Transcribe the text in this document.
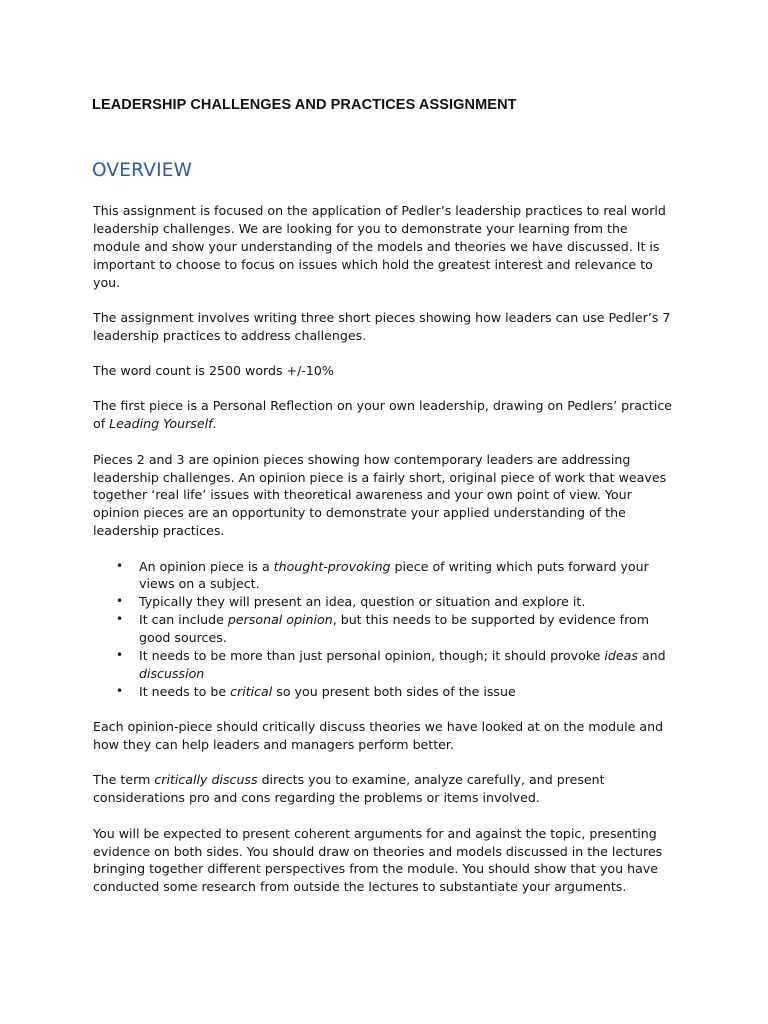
LEADERSHIP CHALLENGES AND PRACTICES ASSIGNMENT
OVERVIEW

This assignment is focused on the application of Pedler’s leadership practices to real world leadership challenges. We are looking for you to demonstrate your learning from the module and show your understanding of the models and theories we have discussed. It is important to choose to focus on issues which hold the greatest interest and relevance to you.

The assignment involves writing three short pieces showing how leaders can use Pedler’s 7 leadership practices to address challenges.

The word count is 2500 words +/-10%

The first piece is a Personal Reflection on your own leadership, drawing on Pedlers’ practice of Leading Yourself.

Pieces 2 and 3 are opinion pieces showing how contemporary leaders are addressing leadership challenges. An opinion piece is a fairly short, original piece of work that weaves together ‘real life’ issues with theoretical awareness and your own point of view. Your opinion pieces are an opportunity to demonstrate your applied understanding of the leadership practices.

• An opinion piece is a thought-provoking piece of writing which puts forward your views on a subject.
• Typically they will present an idea, question or situation and explore it.
• It can include personal opinion, but this needs to be supported by evidence from good sources.
• It needs to be more than just personal opinion, though; it should provoke ideas and discussion
• It needs to be critical so you present both sides of the issue

Each opinion-piece should critically discuss theories we have looked at on the module and how they can help leaders and managers perform better.

The term critically discuss directs you to examine, analyze carefully, and present considerations pro and cons regarding the problems or items involved.

You will be expected to present coherent arguments for and against the topic, presenting evidence on both sides. You should draw on theories and models discussed in the lectures bringing together different perspectives from the module. You should show that you have conducted some research from outside the lectures to substantiate your arguments.
